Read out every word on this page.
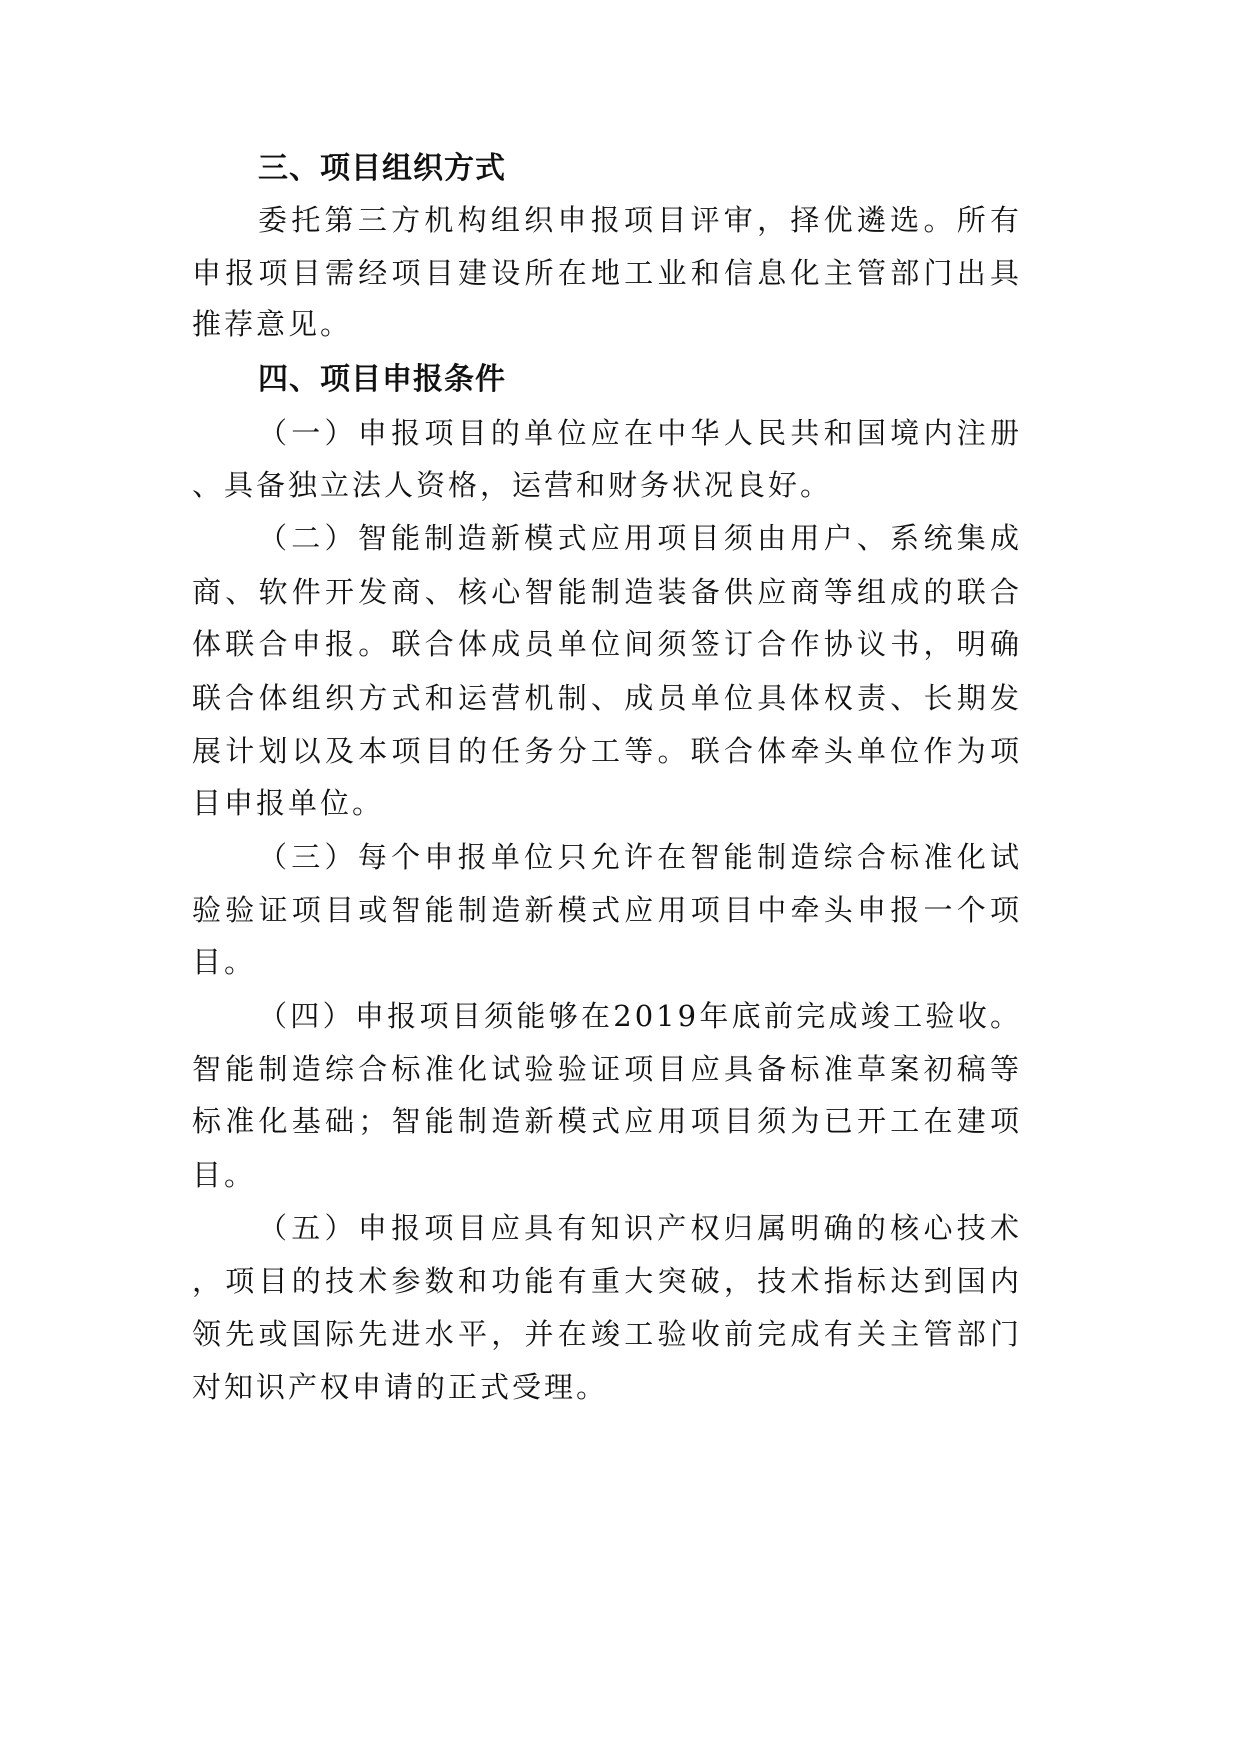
三、项目组织方式
委托第三方机构组织申报项目评审，择优遴选。所有
申报项目需经项目建设所在地工业和信息化主管部门出具
推荐意见。
四、项目申报条件
（一）申报项目的单位应在中华人民共和国境内注册
、具备独立法人资格，运营和财务状况良好。
（二）智能制造新模式应用项目须由用户、系统集成
商、软件开发商、核心智能制造装备供应商等组成的联合
体联合申报。联合体成员单位间须签订合作协议书，明确
联合体组织方式和运营机制、成员单位具体权责、长期发
展计划以及本项目的任务分工等。联合体牵头单位作为项
目申报单位。
（三）每个申报单位只允许在智能制造综合标准化试
验验证项目或智能制造新模式应用项目中牵头申报一个项
目。
（四）申报项目须能够在2019年底前完成竣工验收。
智能制造综合标准化试验验证项目应具备标准草案初稿等
标准化基础；智能制造新模式应用项目须为已开工在建项
目。
（五）申报项目应具有知识产权归属明确的核心技术
，项目的技术参数和功能有重大突破，技术指标达到国内
领先或国际先进水平，并在竣工验收前完成有关主管部门
对知识产权申请的正式受理。
